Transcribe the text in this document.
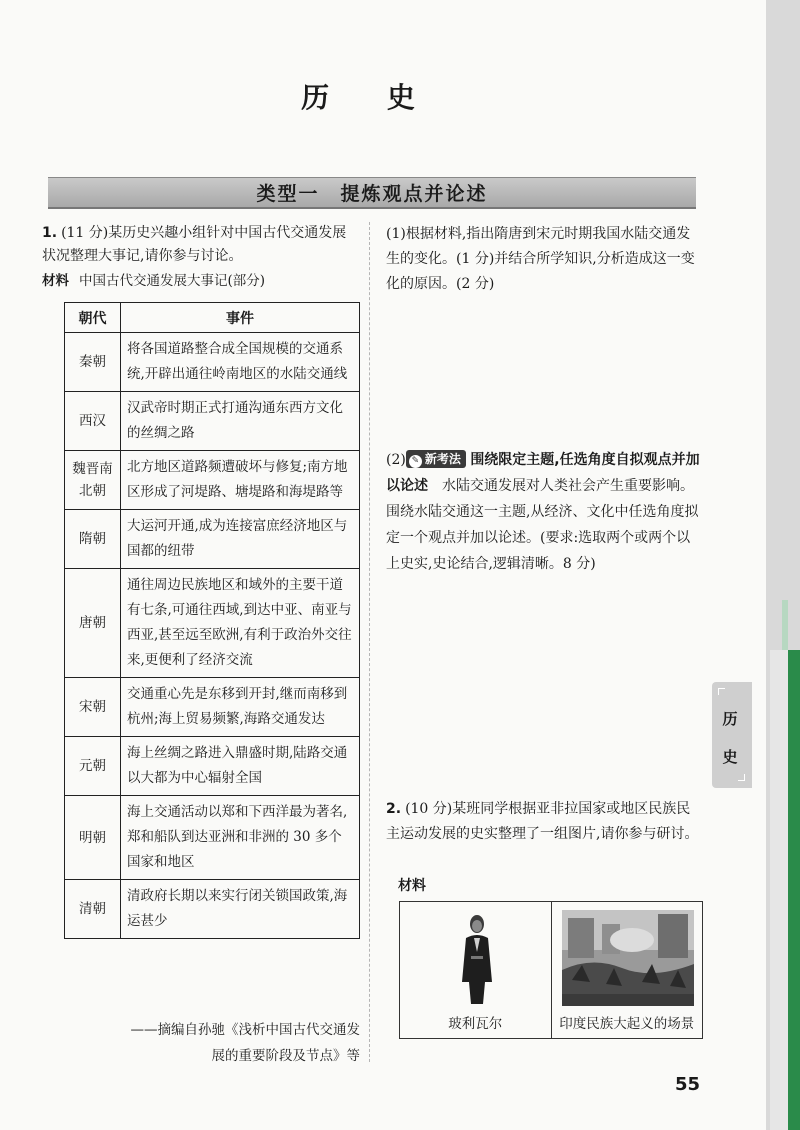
历 史
类型一　提炼观点并论述
1. (11 分)某历史兴趣小组针对中国古代交通发展状况整理大事记,请你参与讨论。
材料 中国古代交通发展大事记(部分)
朝代	事件
秦朝	将各国道路整合成全国规模的交通系统,开辟出通往岭南地区的水陆交通线
西汉	汉武帝时期正式打通沟通东西方文化的丝绸之路
魏晋南北朝	北方地区道路频遭破坏与修复;南方地区形成了河堤路、塘堤路和海堤路等
隋朝	大运河开通,成为连接富庶经济地区与国都的纽带
唐朝	通往周边民族地区和域外的主要干道有七条,可通往西域,到达中亚、南亚与西亚,甚至远至欧洲,有利于政治外交往来,更便利了经济交流
宋朝	交通重心先是东移到开封,继而南移到杭州;海上贸易频繁,海路交通发达
元朝	海上丝绸之路进入鼎盛时期,陆路交通以大都为中心辐射全国
明朝	海上交通活动以郑和下西洋最为著名,郑和船队到达亚洲和非洲的 30 多个国家和地区
清朝	清政府长期以来实行闭关锁国政策,海运甚少
——摘编自孙驰《浅析中国古代交通发
展的重要阶段及节点》等
(1)根据材料,指出隋唐到宋元时期我国水陆交通发生的变化。(1 分)并结合所学知识,分析造成这一变化的原因。(2 分)
(2) ✎ 新考法 围绕限定主题,任选角度自拟观点并加以论述　 水陆交通发展对人类社会产生重要影响。围绕水陆交通这一主题,从经济、文化中任选角度拟定一个观点并加以论述。(要求:选取两个或两个以上史实,史论结合,逻辑清晰。8 分)
2. (10 分)某班同学根据亚非拉国家或地区民族民主运动发展的史实整理了一组图片,请你参与研讨。
材料
玻利瓦尔	印度民族大起义的场景
历
史
55
